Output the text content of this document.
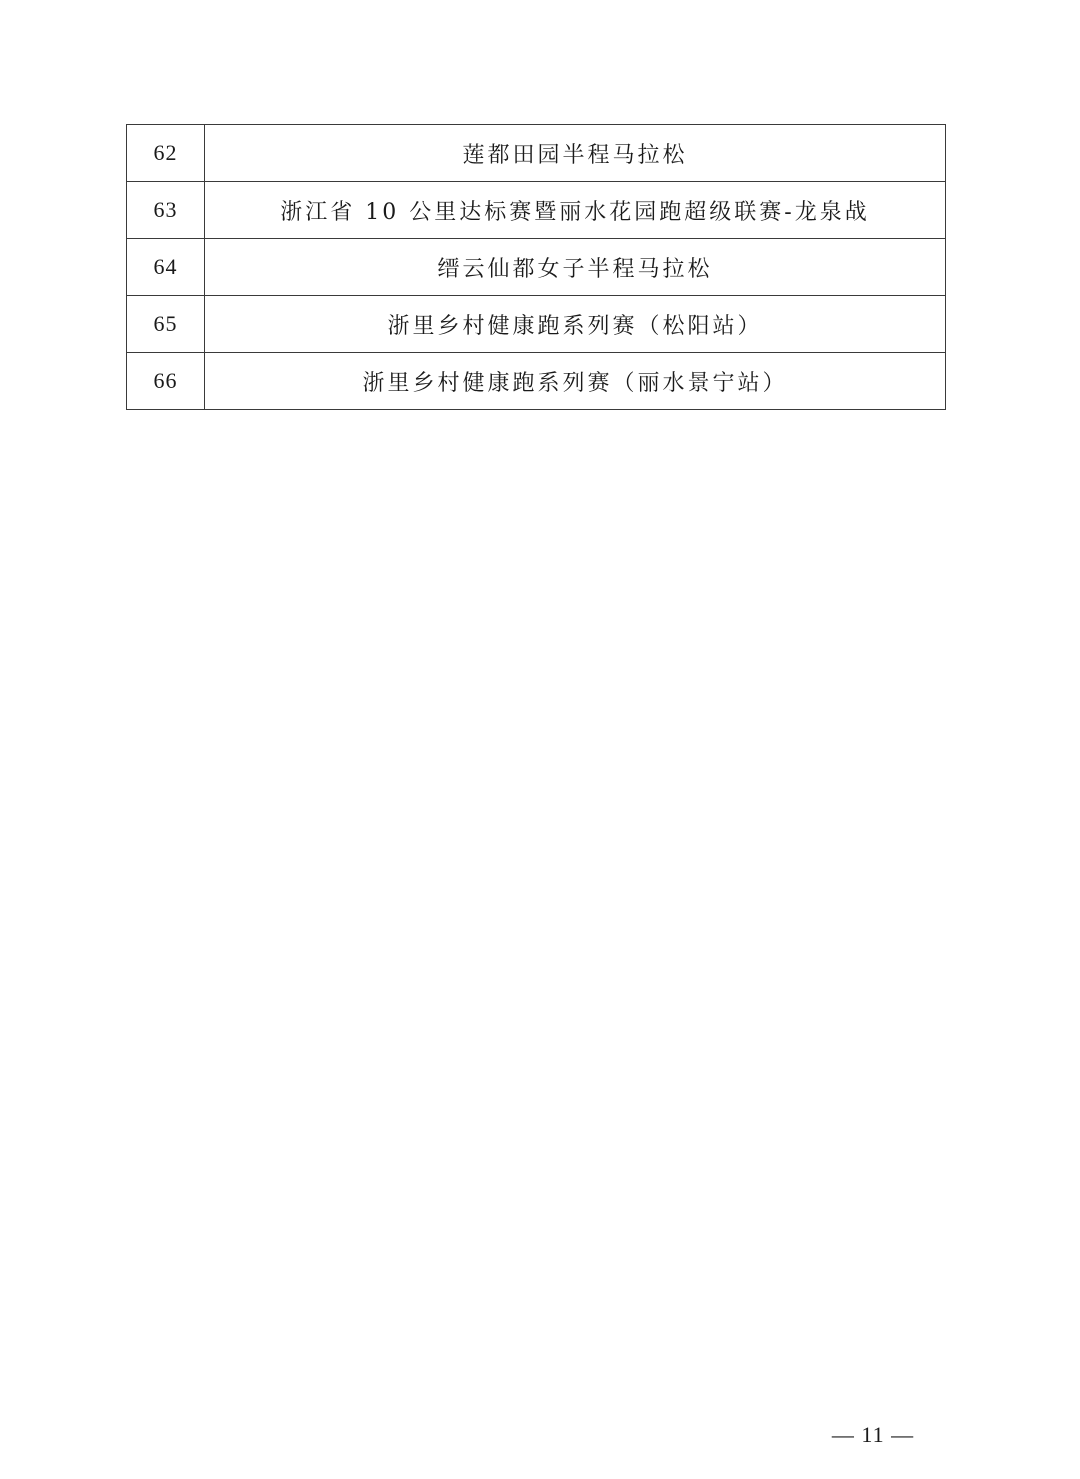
62	莲都田园半程马拉松
63	浙江省 10 公里达标赛暨丽水花园跑超级联赛-龙泉战
64	缙云仙都女子半程马拉松
65	浙里乡村健康跑系列赛（松阳站）
66	浙里乡村健康跑系列赛（丽水景宁站）
— 11 —
